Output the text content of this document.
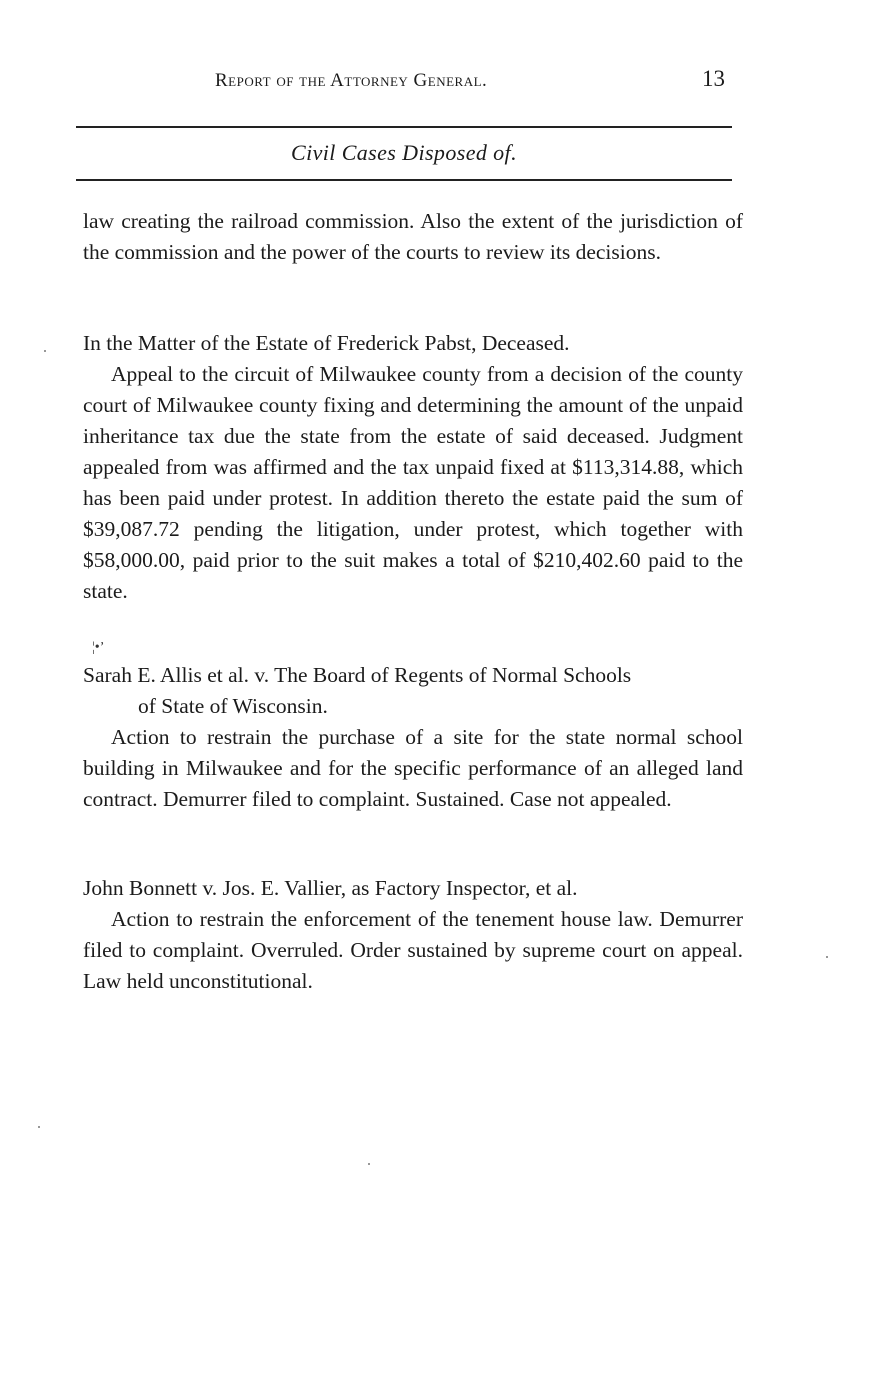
Report of the Attorney General.	13
Civil Cases Disposed of.

law creating the railroad commission. Also the extent of the jurisdiction of the commission and the power of the courts to review its decisions.

In the Matter of the Estate of Frederick Pabst, Deceased.

Appeal to the circuit of Milwaukee county from a decision of the county court of Milwaukee county fixing and determining the amount of the unpaid inheritance tax due the state from the estate of said deceased. Judgment appealed from was affirmed and the tax unpaid fixed at $113,314.88, which has been paid under protest. In addition thereto the estate paid the sum of $39,087.72 pending the litigation, under protest, which together with $58,000.00, paid prior to the suit makes a total of $210,402.60 paid to the state.

¦•ʼ

Sarah E. Allis et al. v. The Board of Regents of Normal Schools
of State of Wisconsin.

Action to restrain the purchase of a site for the state normal school building in Milwaukee and for the specific performance of an alleged land contract. Demurrer filed to complaint. Sustained. Case not appealed.

John Bonnett v. Jos. E. Vallier, as Factory Inspector, et al.

Action to restrain the enforcement of the tenement house law. Demurrer filed to complaint. Overruled. Order sustained by supreme court on appeal. Law held unconstitutional.
